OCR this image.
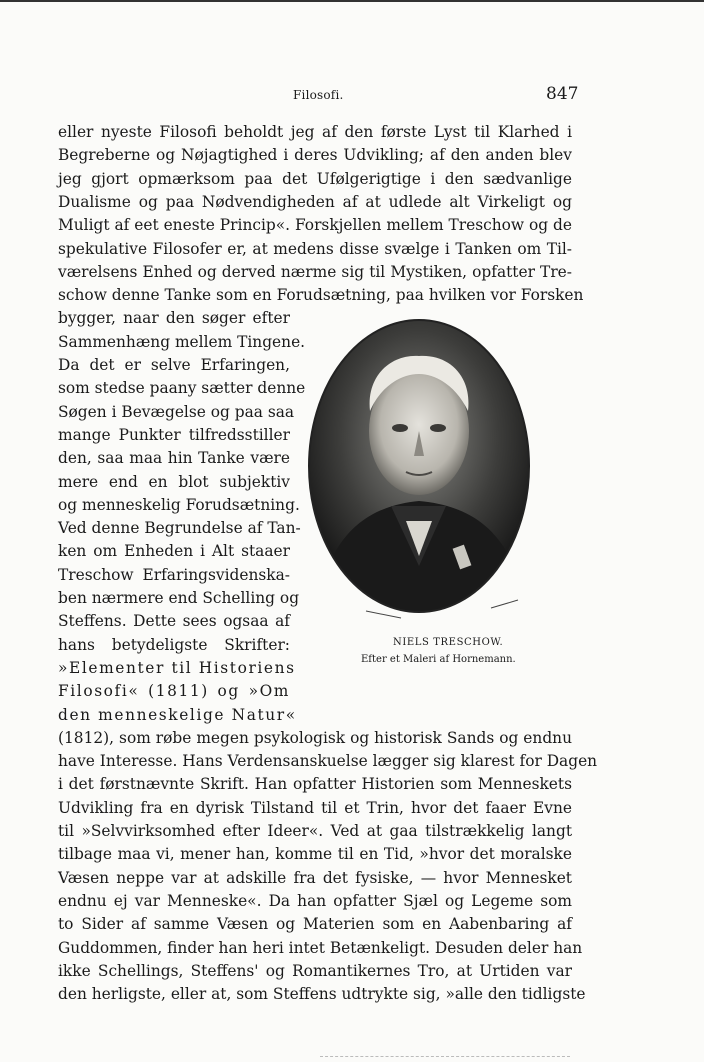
Filosofi.	847
eller nyeste Filosofi beholdt jeg af den første Lyst til Klarhed i
Begreberne og Nøjagtighed i deres Udvikling; af den anden blev
jeg gjort opmærksom paa det Ufølgerigtige i den sædvanlige
Dualisme og paa Nødvendigheden af at udlede alt Virkeligt og
Muligt af eet eneste Princip«. Forskjellen mellem Treschow og de
spekulative Filosofer er, at medens disse svælge i Tanken om Til-
værelsens Enhed og derved nærme sig til Mystiken, opfatter Tre-
schow denne Tanke som en Forudsætning, paa hvilken vor Forsken
bygger, naar den søger efter
Sammenhæng mellem Tingene.
Da det er selve Erfaringen,
som stedse paany sætter denne
Søgen i Bevægelse og paa saa
mange Punkter tilfredsstiller
den, saa maa hin Tanke være
mere end en blot subjektiv
og menneskelig Forudsætning.
Ved denne Begrundelse af Tan-
ken om Enheden i Alt staaer
Treschow Erfaringsvidenska-
ben nærmere end Schelling og
Steffens. Dette sees ogsaa af
hans betydeligste Skrifter:
»Elementer til Historiens
Filosofi« (1811) og »Om
den menneskelige Natur«
(1812), som røbe megen psykologisk og historisk Sands og endnu
have Interesse. Hans Verdensanskuelse lægger sig klarest for Dagen
i det førstnævnte Skrift. Han opfatter Historien som Menneskets
Udvikling fra en dyrisk Tilstand til et Trin, hvor det faaer Evne
til »Selvvirksomhed efter Ideer«. Ved at gaa tilstrækkelig langt
tilbage maa vi, mener han, komme til en Tid, »hvor det moralske
Væsen neppe var at adskille fra det fysiske, — hvor Mennesket
endnu ej var Menneske«. Da han opfatter Sjæl og Legeme som
to Sider af samme Væsen og Materien som en Aabenbaring af
Guddommen, finder han heri intet Betænkeligt. Desuden deler han
ikke Schellings, Steffens' og Romantikernes Tro, at Urtiden var
den herligste, eller at, som Steffens udtrykte sig, »alle den tidligste
NIELS TRESCHOW.
Efter et Maleri af Hornemann.
